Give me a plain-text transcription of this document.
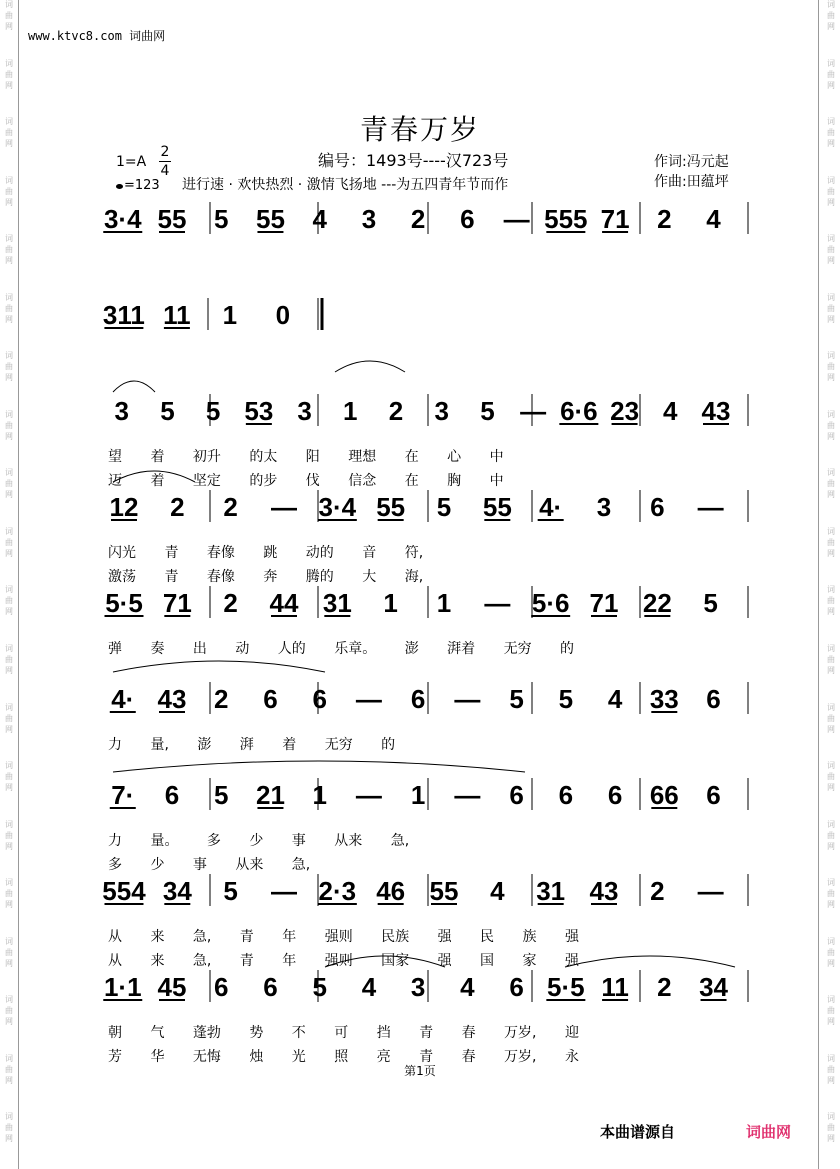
词
曲
网
词
曲
网
词
曲
网
词
曲
网
词
曲
网
词
曲
网
词
曲
网
词
曲
网
词
曲
网
词
曲
网
词
曲
网
词
曲
网
词
曲
网
词
曲
网
词
曲
网
词
曲
网
词
曲
网
词
曲
网
词
曲
网
词
曲
网
词
曲
网
词
曲
网
词
曲
网
词
曲
网
词
曲
网
词
曲
网
词
曲
网
词
曲
网
词
曲
网
词
曲
网
词
曲
网
词
曲
网
词
曲
网
词
曲
网
词
曲
网
词
曲
网
词
曲
网
词
曲
网
词
曲
网
词
曲
网
www.ktvc8.com 词曲网
青春万岁
1=A
2
4
=123
编号：1493号----汉723号
进行速 · 欢快热烈 · 激情飞扬地 ---为五四青年节而作
作词:冯元起
作曲:田蕴坪
3·4 55 5 55 4 3 2 6 — 555 71 2 4
311 11 1 0
3 5 5 53 3 1 2 3 5 — 6·6 23 4 43
12 2 2 — 3·4 55 5 55 4· 3 6 —
5·5 71 2 44 31 1 1 — 5·6 71 22 5
4· 43 2 6 6 — 6 — 5 5 4 33 6
7· 6 5 21 1 — 1 — 6 6 6 66 6
554 34 5 — 2·3 46 55 4 31 43 2 —
1·1 45 6 6 5 4 3 4 6 5·5 11 2 34
望 着 初升 的太 阳 理想 在 心 中
迈 着 坚定 的步 伐 信念 在 胸 中
闪光 青 春像 跳 动的 音 符,
激荡 青 春像 奔 腾的 大 海,
弹 奏 出 动 人的 乐章。 澎 湃着 无穷 的
力 量, 澎 湃 着 无穷 的
力 量。 多 少 事 从来 急,
多 少 事 从来 急,
从 来 急, 青 年 强则 民族 强 民 族 强
从 来 急, 青 年 强则 国家 强 国 家 强
朝 气 蓬勃 势 不 可 挡 青 春 万岁, 迎
芳 华 无悔 烛 光 照 亮 青 春 万岁, 永
第1页
本曲谱源自	词曲网
